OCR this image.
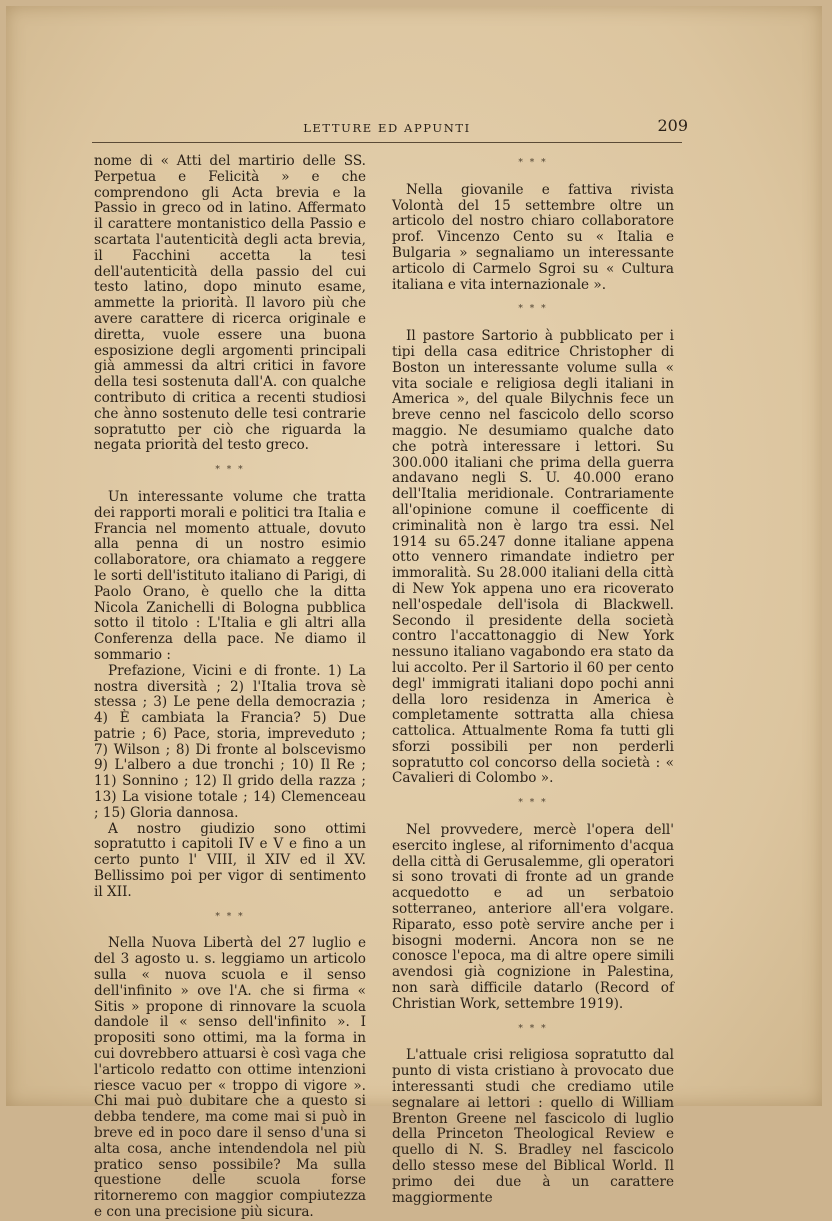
LETTURE ED APPUNTI	209

nome di « Atti del martirio delle SS. Perpetua e Felicità » e che comprendono gli Acta brevia e la Passio in greco od in latino. Affermato il carattere montanistico della Passio e scartata l'autenticità degli acta brevia, il Facchini accetta la tesi dell'autenticità della passio del cui testo latino, dopo minuto esame, ammette la priorità. Il lavoro più che avere carattere di ricerca originale e diretta, vuole essere una buona esposizione degli argomenti principali già ammessi da altri critici in favore della tesi sostenuta dall'A. con qualche contributo di critica a recenti studiosi che ànno sostenuto delle tesi contrarie sopratutto per ciò che riguarda la negata priorità del testo greco.

* * *

Un interessante volume che tratta dei rapporti morali e politici tra Italia e Francia nel momento attuale, dovuto alla penna di un nostro esimio collaboratore, ora chiamato a reggere le sorti dell'istituto italiano di Parigi, di Paolo Orano, è quello che la ditta Nicola Zanichelli di Bologna pubblica sotto il titolo : L'Italia e gli altri alla Conferenza della pace. Ne diamo il sommario :

Prefazione, Vicini e di fronte. 1) La nostra diversità ; 2) l'Italia trova sè stessa ; 3) Le pene della democrazia ; 4) È cambiata la Francia? 5) Due patrie ; 6) Pace, storia, impreveduto ; 7) Wilson ; 8) Di fronte al bolscevismo 9) L'albero a due tronchi ; 10) Il Re ; 11) Sonnino ; 12) Il grido della razza ; 13) La visione totale ; 14) Clemenceau ; 15) Gloria dannosa.

A nostro giudizio sono ottimi sopratutto i capitoli IV e V e fino a un certo punto l' VIII, il XIV ed il XV. Bellissimo poi per vigor di sentimento il XII.

* * *

Nella Nuova Libertà del 27 luglio e del 3 agosto u. s. leggiamo un articolo sulla « nuova scuola e il senso dell'infinito » ove l'A. che si firma « Sitis » propone di rinnovare la scuola dandole il « senso dell'infinito ». I propositi sono ottimi, ma la forma in cui dovrebbero attuarsi è così vaga che l'articolo redatto con ottime intenzioni riesce vacuo per « troppo di vigore ». Chi mai può dubitare che a questo si debba tendere, ma come mai si può in breve ed in poco dare il senso d'una si alta cosa, anche intendendola nel più pratico senso possibile? Ma sulla questione delle scuola forse ritorneremo con maggior compiutezza e con una precisione più sicura.

* * *

Nella giovanile e fattiva rivista Volontà del 15 settembre oltre un articolo del nostro chiaro collaboratore prof. Vincenzo Cento su « Italia e Bulgaria » segnaliamo un interessante articolo di Carmelo Sgroi su « Cultura italiana e vita internazionale ».

* * *

Il pastore Sartorio à pubblicato per i tipi della casa editrice Christopher di Boston un interessante volume sulla « vita sociale e religiosa degli italiani in America », del quale Bilychnis fece un breve cenno nel fascicolo dello scorso maggio. Ne desumiamo qualche dato che potrà interessare i lettori. Su 300.000 italiani che prima della guerra andavano negli S. U. 40.000 erano dell'Italia meridionale. Contrariamente all'opinione comune il coefficente di criminalità non è largo tra essi. Nel 1914 su 65.247 donne italiane appena otto vennero rimandate indietro per immoralità. Su 28.000 italiani della città di New Yok appena uno era ricoverato nell'ospedale dell'isola di Blackwell. Secondo il presidente della società contro l'accattonaggio di New York nessuno italiano vagabondo era stato da lui accolto. Per il Sartorio il 60 per cento degl' immigrati italiani dopo pochi anni della loro residenza in America è completamente sottratta alla chiesa cattolica. Attualmente Roma fa tutti gli sforzi possibili per non perderli sopratutto col concorso della società : « Cavalieri di Colombo ».

* * *

Nel provvedere, mercè l'opera dell' esercito inglese, al rifornimento d'acqua della città di Gerusalemme, gli operatori si sono trovati di fronte ad un grande acquedotto e ad un serbatoio sotterraneo, anteriore all'era volgare. Riparato, esso potè servire anche per i bisogni moderni. Ancora non se ne conosce l'epoca, ma di altre opere simili avendosi già cognizione in Palestina, non sarà difficile datarlo (Record of Christian Work, settembre 1919).

* * *

L'attuale crisi religiosa sopratutto dal punto di vista cristiano à provocato due interessanti studi che crediamo utile segnalare ai lettori : quello di William Brenton Greene nel fascicolo di luglio della Princeton Theological Review e quello di N. S. Bradley nel fascicolo dello stesso mese del Biblical World. Il primo dei due à un carattere maggiormente
